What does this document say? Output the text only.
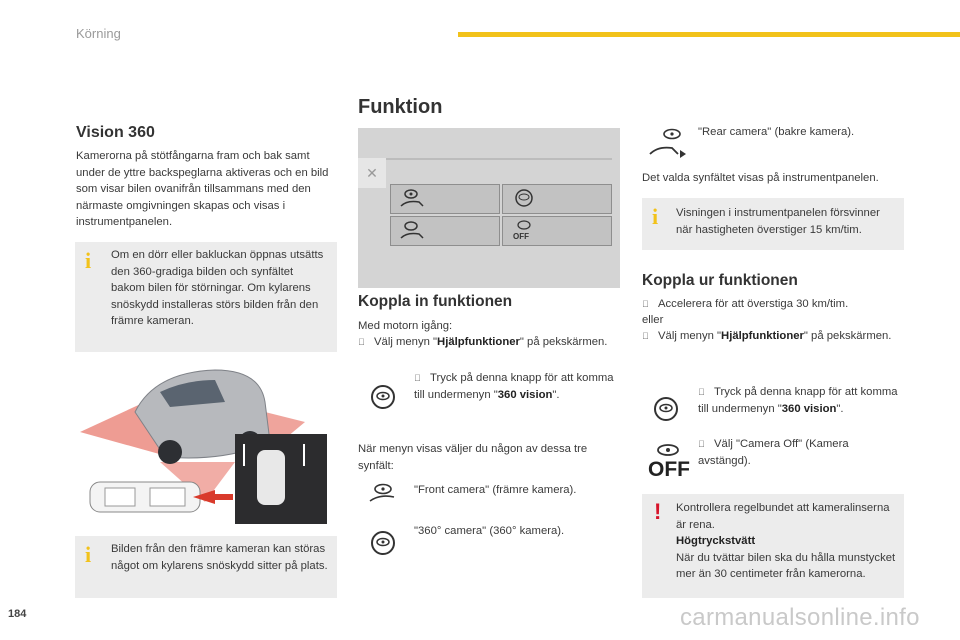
Körning
Vision 360
Kamerorna på stötfångarna fram och bak samt under de yttre backspeglarna aktiveras och en bild som visar bilen ovanifrån tillsammans med den närmaste omgivningen skapas och visas i instrumentpanelen.
i Om en dörr eller bakluckan öppnas utsätts den 360-gradiga bilden och synfältet bakom bilen för störningar. Om kylarens snöskydd installeras störs bilden från den främre kameran.
i Bilden från den främre kameran kan störas något om kylarens snöskydd sitter på plats.
Funktion
✕
OFF
Koppla in funktionen
Med motorn igång:
Välj menyn "Hjälpfunktioner" på pekskärmen.
Tryck på denna knapp för att komma till undermenyn "360 vision".
När menyn visas väljer du någon av dessa tre synfält:
"Front camera" (främre kamera).
"360° camera" (360° kamera).
"Rear camera" (bakre kamera).
Det valda synfältet visas på instrumentpanelen.
i Visningen i instrumentpanelen försvinner när hastigheten överstiger 15 km/tim.
Koppla ur funktionen
Accelerera för att överstiga 30 km/tim.
eller
Välj menyn "Hjälpfunktioner" på pekskärmen.
Tryck på denna knapp för att komma till undermenyn "360 vision".
OFF
Välj "Camera Off" (Kamera avstängd).
! Kontrollera regelbundet att kameralinserna är rena.
Högtryckstvätt
När du tvättar bilen ska du hålla munstycket mer än 30 centimeter från kamerorna.
184	carmanualsonline.info
